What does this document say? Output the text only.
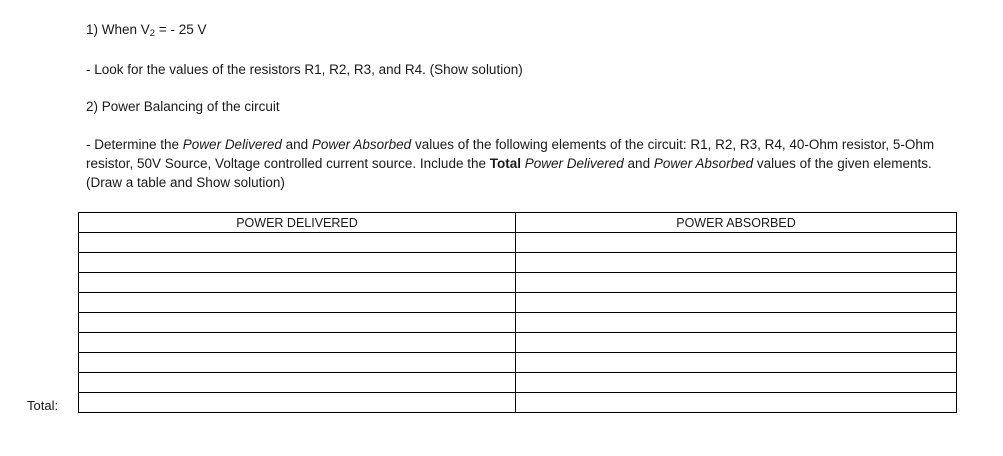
1) When $V_2$ = - 25 V
- Look for the values of the resistors R1, R2, R3, and R4. (Show solution)
2) Power Balancing of the circuit
- Determine the Power Delivered and Power Absorbed values of the following elements of the circuit: R1, R2, R3, R4, 40-Ohm resistor, 5-Ohm resistor, 50V Source, Voltage controlled current source. Include the Total Power Delivered and Power Absorbed values of the given elements. (Draw a table and Show solution)
POWER DELIVERED	POWER ABSORBED

Total:
